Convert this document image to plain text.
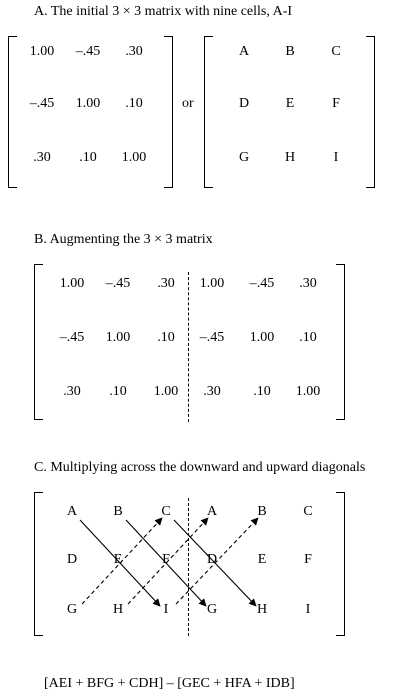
A. The initial 3 × 3 matrix with nine cells, A-I
1.00 –.45 .30
–.45 1.00 .10
.30 .10 1.00
or
A	B	C
D	E	F
G	H	I
B. Augmenting the 3 × 3 matrix
1.00 –.45 .30 1.00 –.45 .30
–.45 1.00 .10 –.45 1.00 .10
.30 .10 1.00 .30 .10 1.00
C. Multiplying across the downward and upward diagonals
A	B	C	A	B	C
D	E	F	D	E	F
G	H	I	G	H	I
[AEI + BFG + CDH] – [GEC + HFA + IDB]
